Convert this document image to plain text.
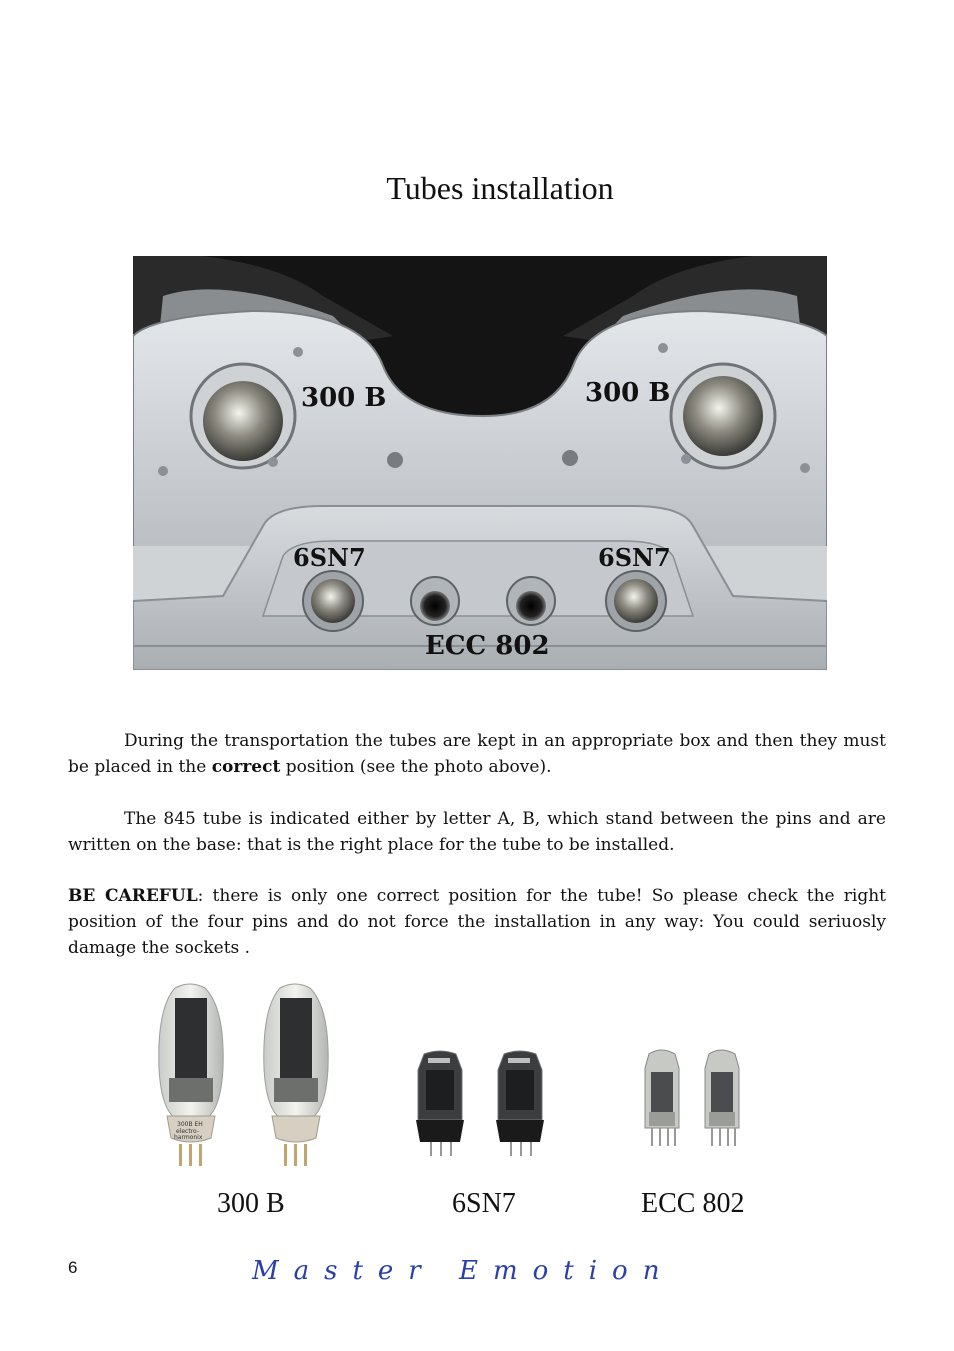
Tubes installation
300 B	300 B
6SN7	6SN7
ECC 802

During the transportation the tubes are kept in an appropriate box and then they must be placed in the correct position (see the photo above).

The 845 tube is indicated either by letter A, B, which stand between the pins and are written on the base: that is the right place for the tube to be installed.

BE CAREFUL: there is only one correct position for the tube! So please check the right position of the four pins and do not force the installation in any way: You could seriuosly damage the sockets .

300B EH
electro-
harmonix
300 B	6SN7	ECC 802
6	Master Emotion
